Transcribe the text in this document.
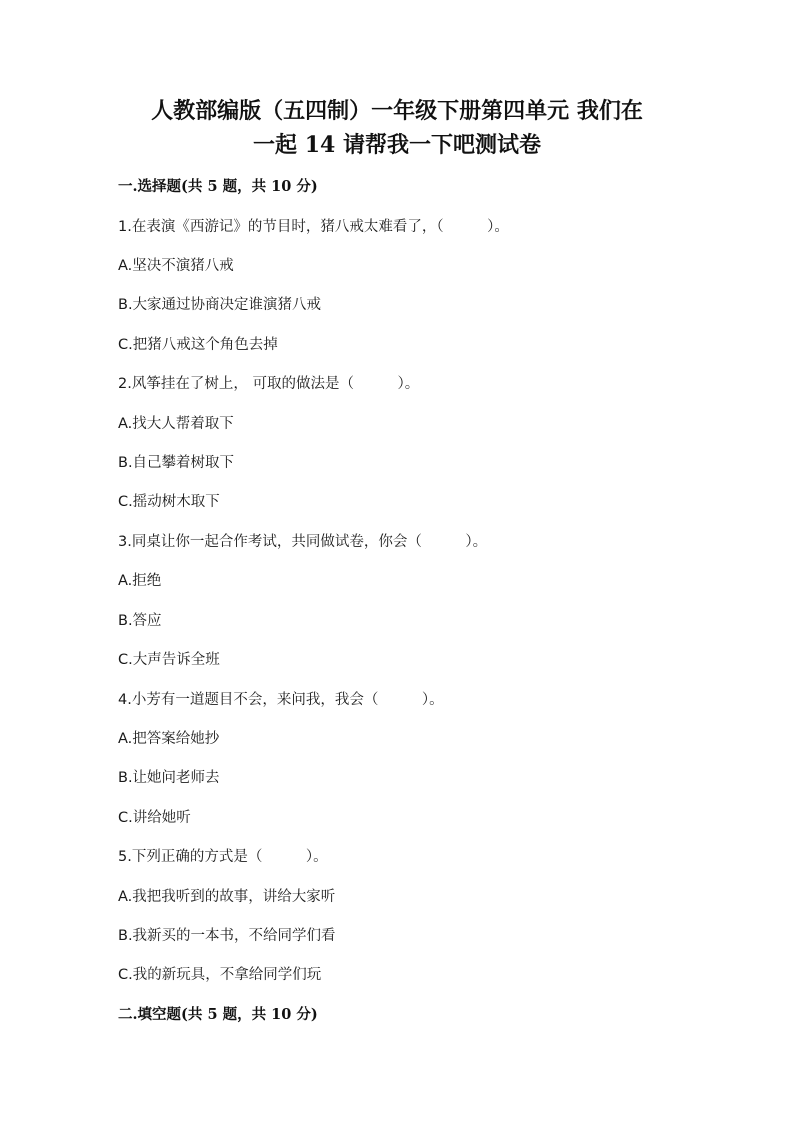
人教部编版（五四制）一年级下册第四单元 我们在
一起 14 请帮我一下吧测试卷
一.选择题(共 5 题，共 10 分)
1.在表演《西游记》的节目时，猪八戒太难看了，（　　　）。
A.坚决不演猪八戒
B.大家通过协商决定谁演猪八戒
C.把猪八戒这个角色去掉
2.风筝挂在了树上， 可取的做法是（　　　）。
A.找大人帮着取下
B.自己攀着树取下
C.摇动树木取下
3.同桌让你一起合作考试，共同做试卷，你会（　　　）。
A.拒绝
B.答应
C.大声告诉全班
4.小芳有一道题目不会，来问我，我会（　　　）。
A.把答案给她抄
B.让她问老师去
C.讲给她听
5.下列正确的方式是（　　　）。
A.我把我听到的故事，讲给大家听
B.我新买的一本书，不给同学们看
C.我的新玩具，不拿给同学们玩
二.填空题(共 5 题，共 10 分)
